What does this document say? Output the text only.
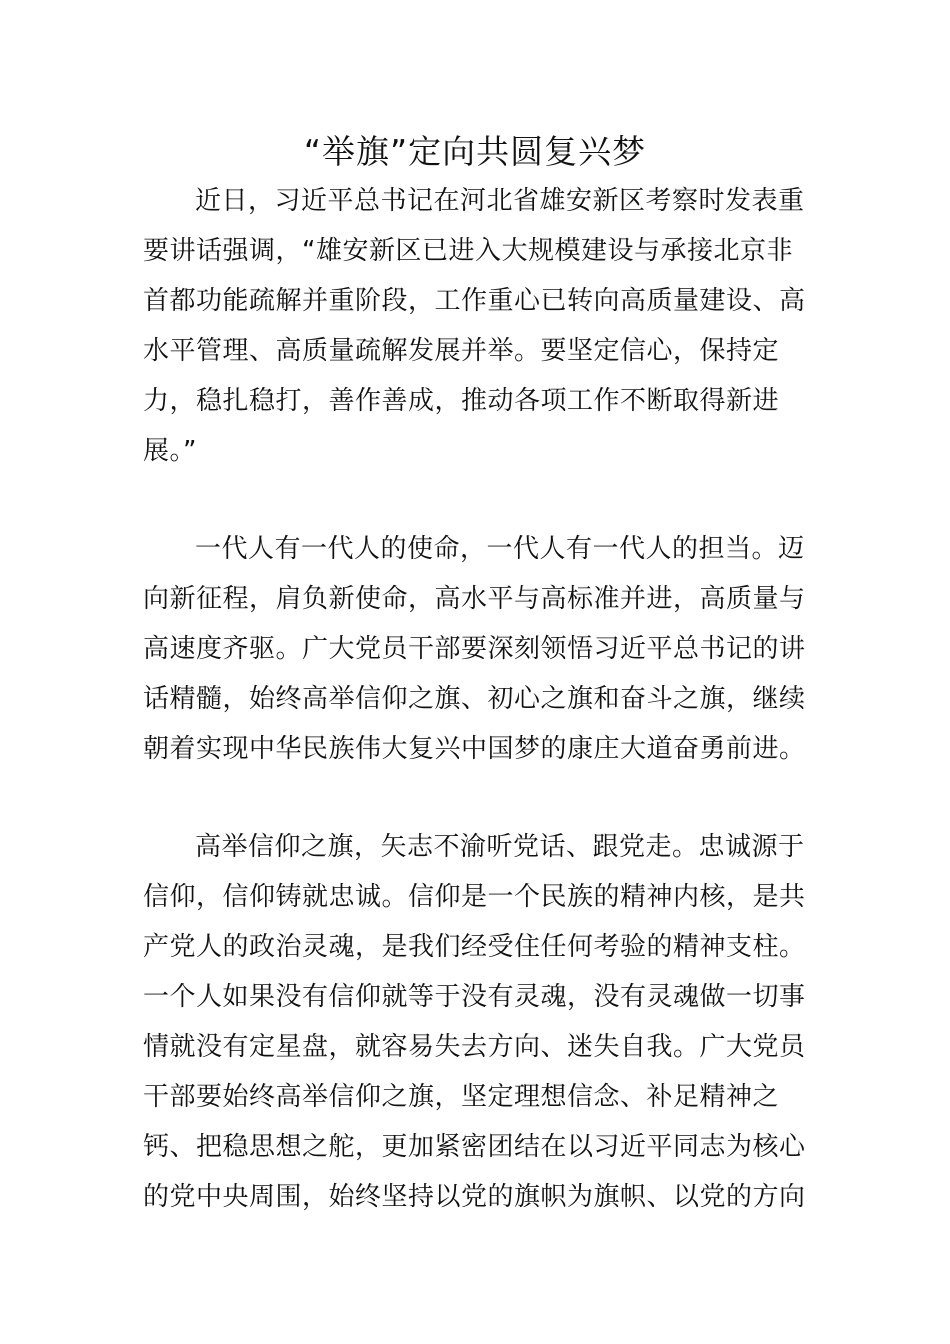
“举旗”定向共圆复兴梦
近日，习近平总书记在河北省雄安新区考察时发表重
要讲话强调，“雄安新区已进入大规模建设与承接北京非
首都功能疏解并重阶段，工作重心已转向高质量建设、高
水平管理、高质量疏解发展并举。要坚定信心，保持定
力，稳扎稳打，善作善成，推动各项工作不断取得新进
展。”
一代人有一代人的使命，一代人有一代人的担当。迈
向新征程，肩负新使命，高水平与高标准并进，高质量与
高速度齐驱。广大党员干部要深刻领悟习近平总书记的讲
话精髓，始终高举信仰之旗、初心之旗和奋斗之旗，继续
朝着实现中华民族伟大复兴中国梦的康庄大道奋勇前进。
高举信仰之旗，矢志不渝听党话、跟党走。忠诚源于
信仰，信仰铸就忠诚。信仰是一个民族的精神内核，是共
产党人的政治灵魂，是我们经受住任何考验的精神支柱。
一个人如果没有信仰就等于没有灵魂，没有灵魂做一切事
情就没有定星盘，就容易失去方向、迷失自我。广大党员
干部要始终高举信仰之旗，坚定理想信念、补足精神之
钙、把稳思想之舵，更加紧密团结在以习近平同志为核心
的党中央周围，始终坚持以党的旗帜为旗帜、以党的方向
